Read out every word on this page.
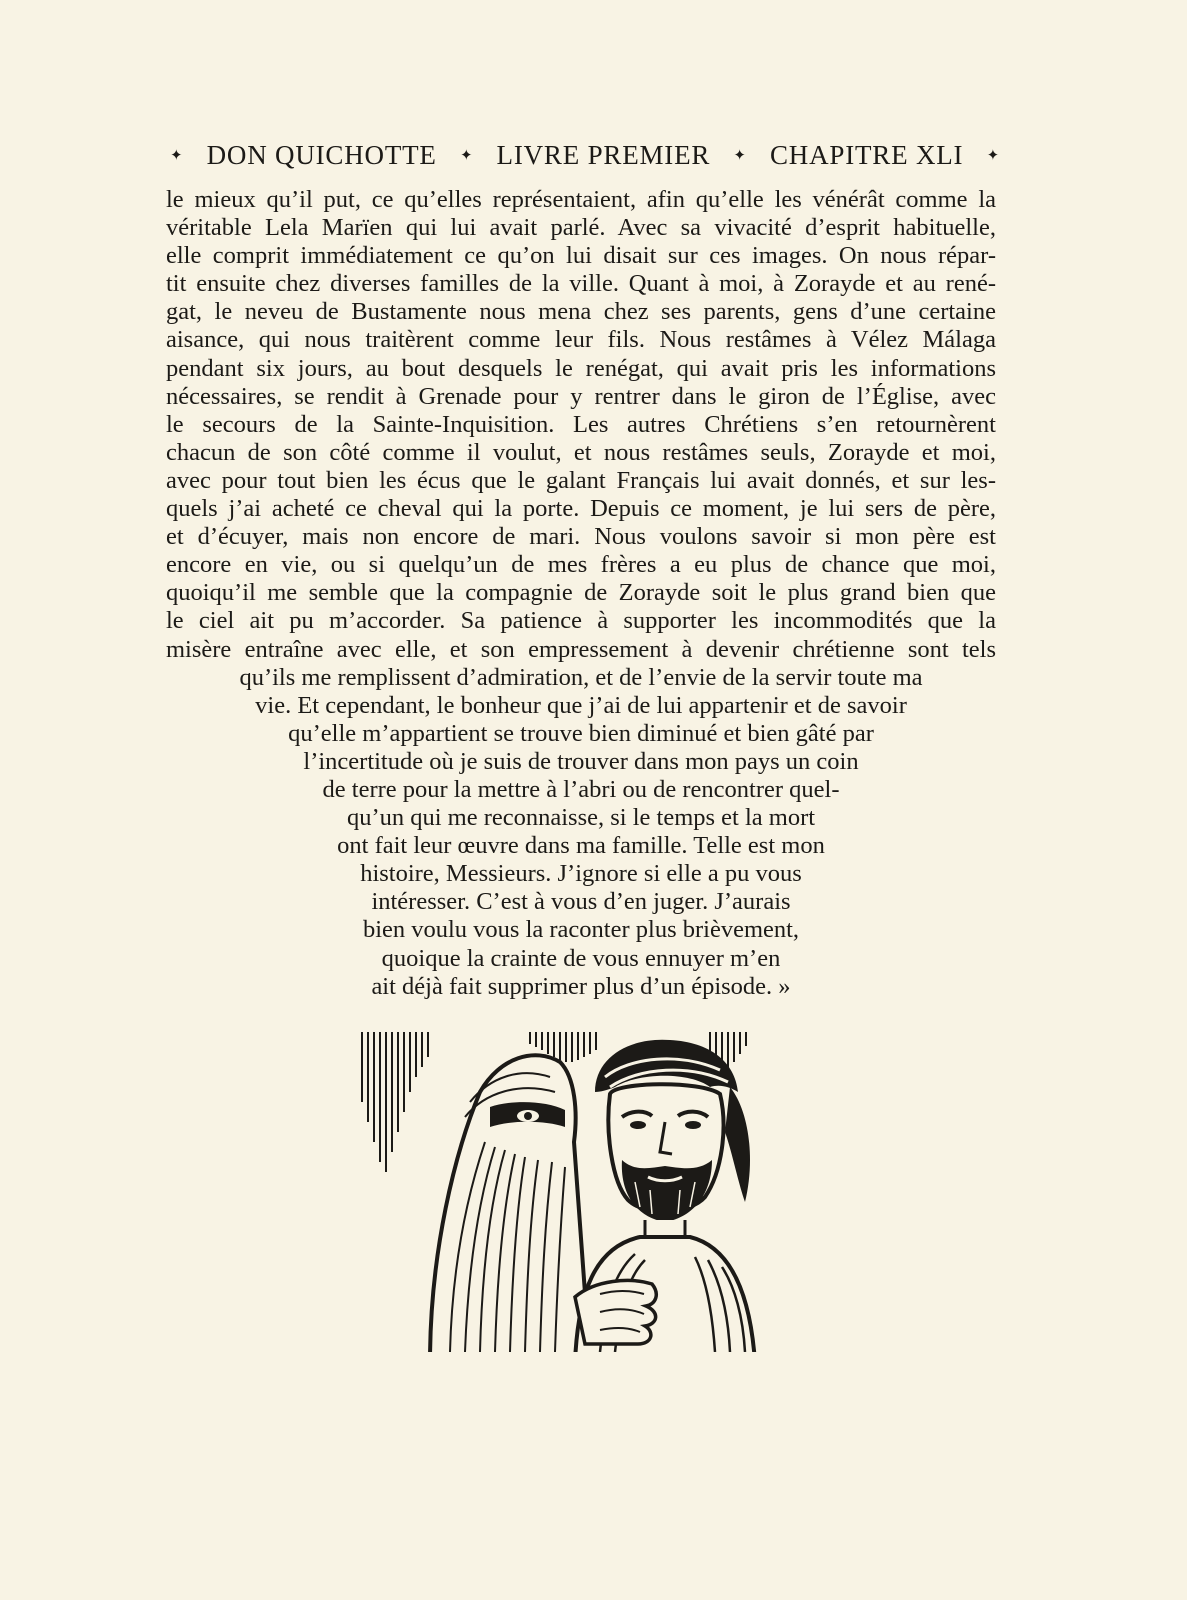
✦ DON QUICHOTTE ✦ LIVRE PREMIER ✦ CHAPITRE XLI ✦
le mieux qu’il put, ce qu’elles représentaient, afin qu’elle les vénérât comme la
véritable Lela Marïen qui lui avait parlé. Avec sa vivacité d’esprit habituelle,
elle comprit immédiatement ce qu’on lui disait sur ces images. On nous répar-
tit ensuite chez diverses familles de la ville. Quant à moi, à Zorayde et au rené-
gat, le neveu de Bustamente nous mena chez ses parents, gens d’une certaine
aisance, qui nous traitèrent comme leur fils. Nous restâmes à Vélez Málaga
pendant six jours, au bout desquels le renégat, qui avait pris les informations
nécessaires, se rendit à Grenade pour y rentrer dans le giron de l’Église, avec
le secours de la Sainte-Inquisition. Les autres Chrétiens s’en retournèrent
chacun de son côté comme il voulut, et nous restâmes seuls, Zorayde et moi,
avec pour tout bien les écus que le galant Français lui avait donnés, et sur les-
quels j’ai acheté ce cheval qui la porte. Depuis ce moment, je lui sers de père,
et d’écuyer, mais non encore de mari. Nous voulons savoir si mon père est
encore en vie, ou si quelqu’un de mes frères a eu plus de chance que moi,
quoiqu’il me semble que la compagnie de Zorayde soit le plus grand bien que
le ciel ait pu m’accorder. Sa patience à supporter les incommodités que la
misère entraîne avec elle, et son empressement à devenir chrétienne sont tels
qu’ils me remplissent d’admiration, et de l’envie de la servir toute ma
vie. Et cependant, le bonheur que j’ai de lui appartenir et de savoir
qu’elle m’appartient se trouve bien diminué et bien gâté par
l’incertitude où je suis de trouver dans mon pays un coin
de terre pour la mettre à l’abri ou de rencontrer quel-
qu’un qui me reconnaisse, si le temps et la mort
ont fait leur œuvre dans ma famille. Telle est mon
histoire, Messieurs. J’ignore si elle a pu vous
intéresser. C’est à vous d’en juger. J’aurais
bien voulu vous la raconter plus brièvement,
quoique la crainte de vous ennuyer m’en
ait déjà fait supprimer plus d’un épisode. »
